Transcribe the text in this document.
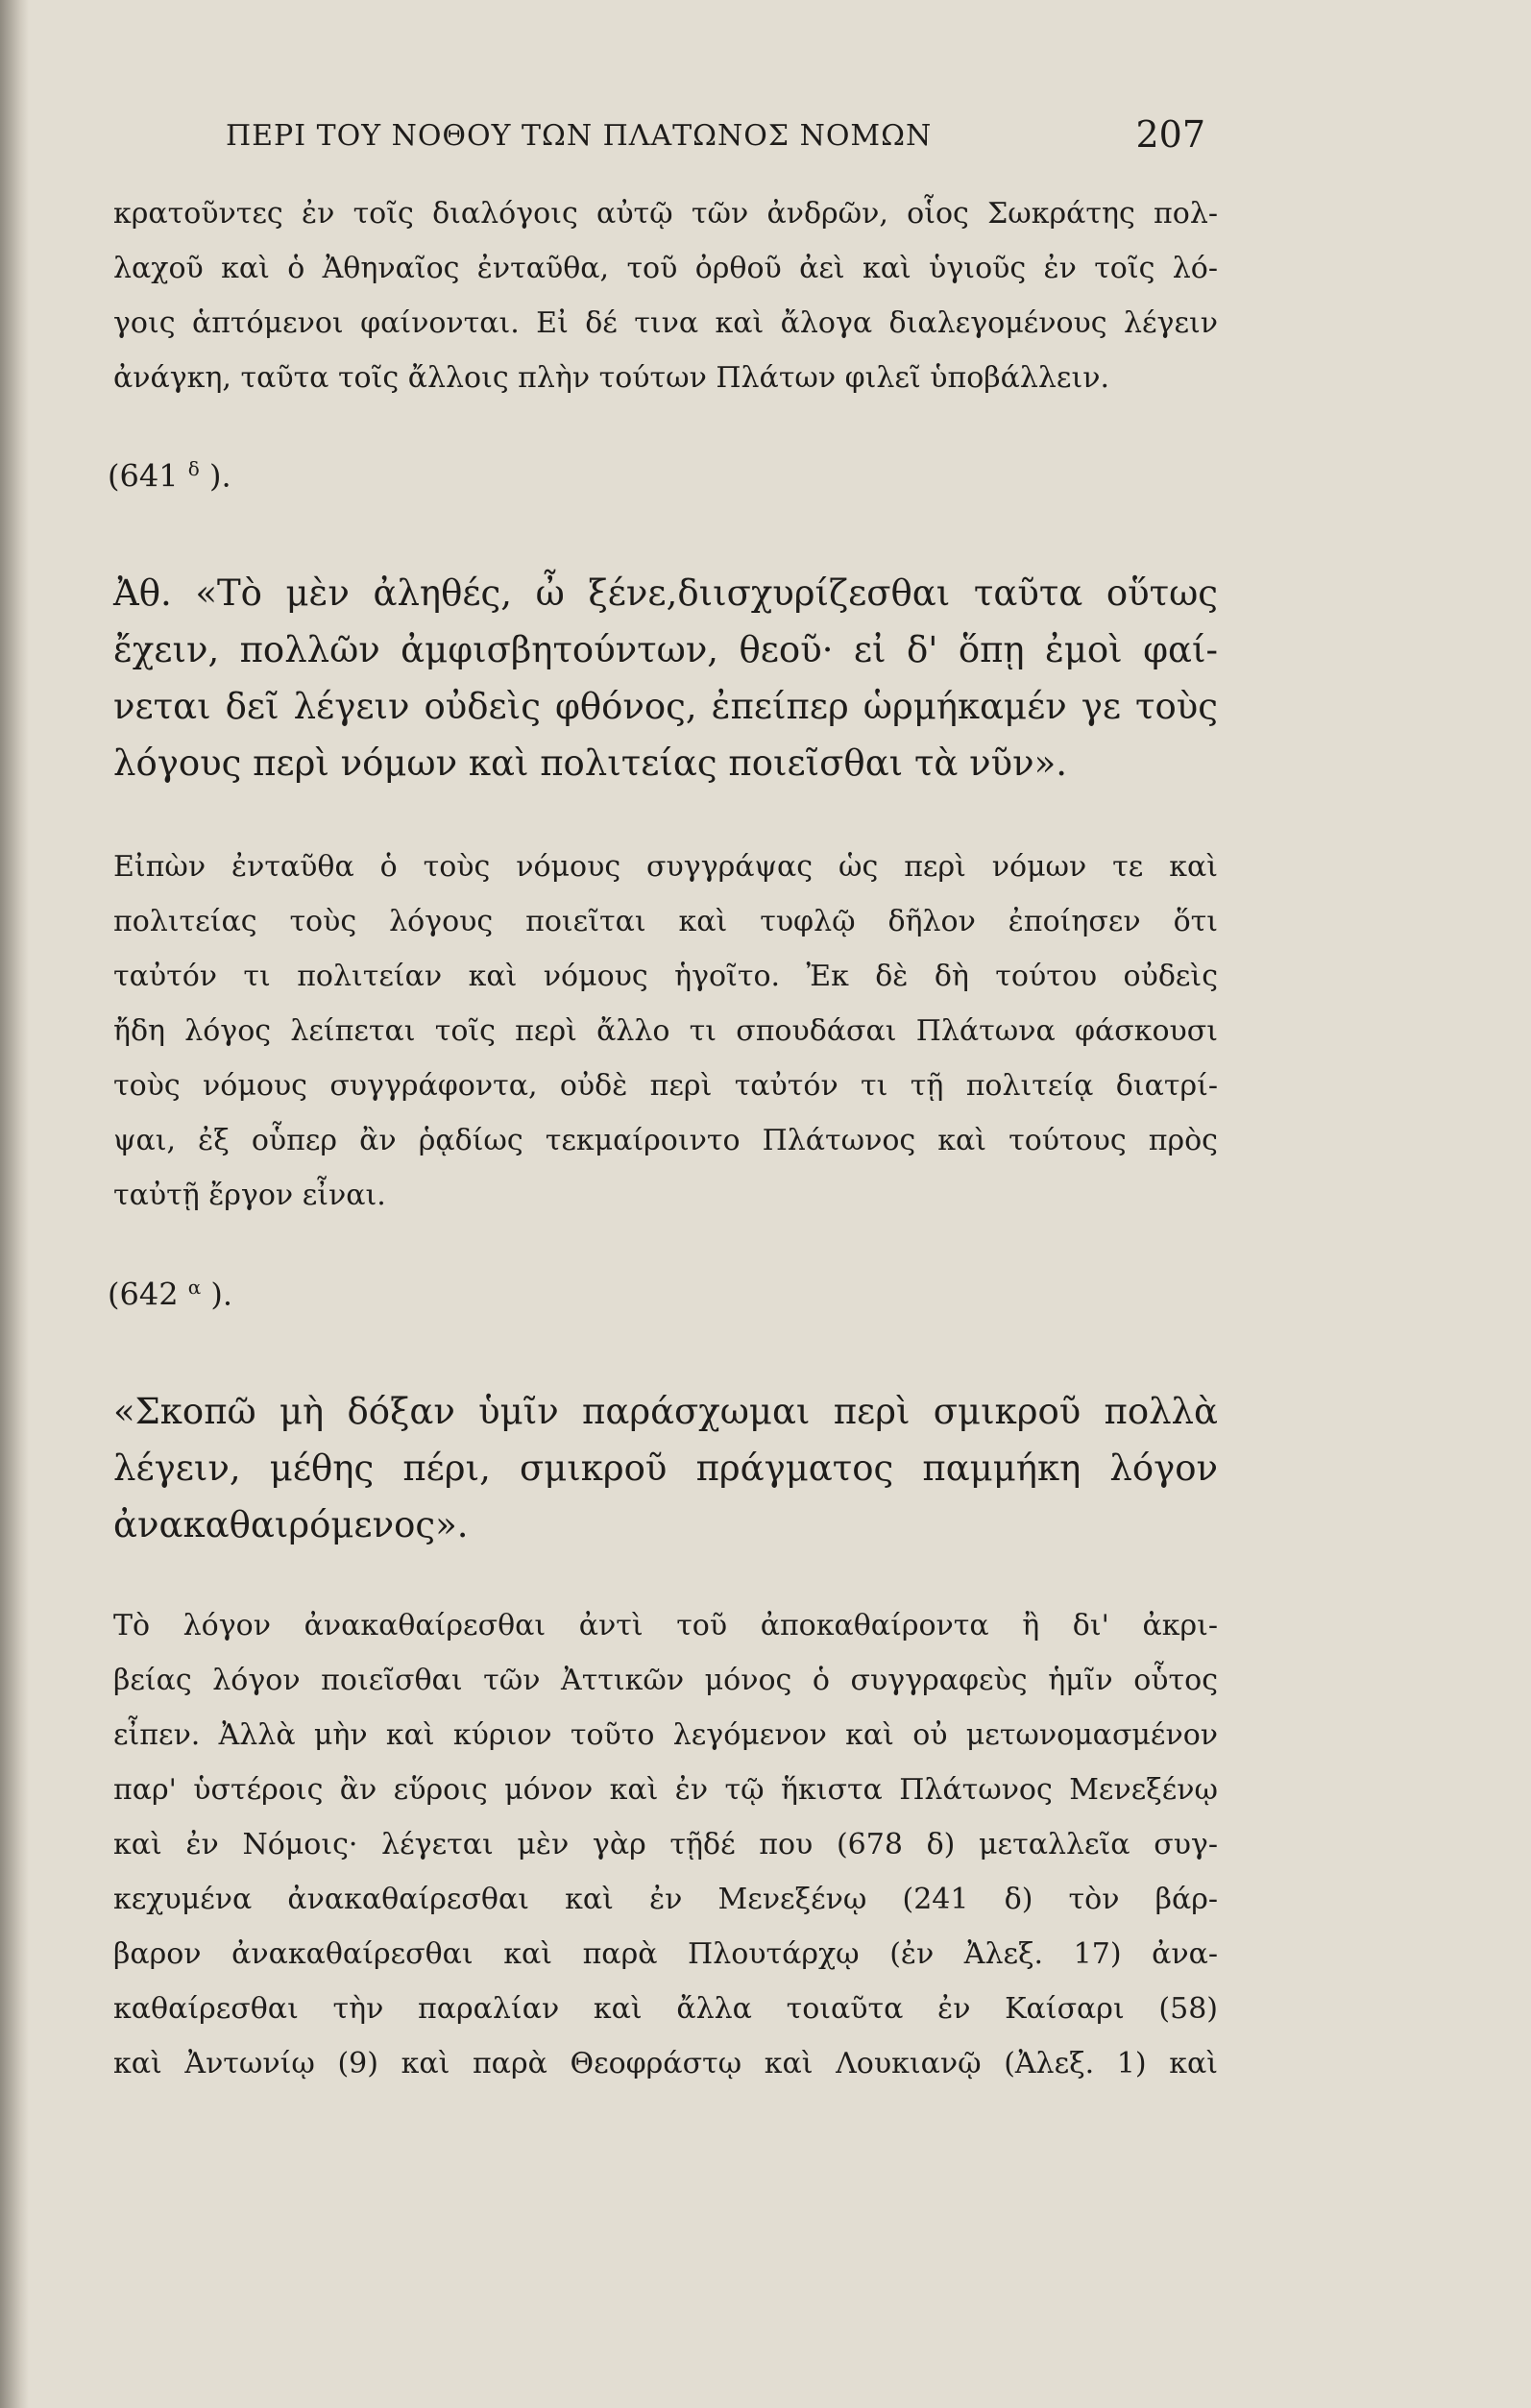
ΠΕΡΙ ΤΟΥ ΝΟΘΟΥ ΤΩΝ ΠΛΑΤΩΝΟΣ ΝΟΜΩΝ	207
κρατοῦντες ἐν τοῖς διαλόγοις αὐτῷ τῶν ἀνδρῶν, οἷος Σωκράτης πολ-
λαχοῦ καὶ ὁ Ἀθηναῖος ἐνταῦθα, τοῦ ὀρθοῦ ἀεὶ καὶ ὑγιοῦς ἐν τοῖς λό-
γοις ἁπτόμενοι φαίνονται. Εἰ δέ τινα καὶ ἄλογα διαλεγομένους λέγειν
ἀνάγκη, ταῦτα τοῖς ἄλλοις πλὴν τούτων Πλάτων φιλεῖ ὑποβάλλειν.
(641 $^\delta$ ).
Ἀθ. «Τὸ μὲν ἀληθές, ὦ ξένε,διισχυρίζεσθαι ταῦτα οὕτως
ἔχειν, πολλῶν ἀμφισβητούντων, θεοῦ· εἰ δ' ὅπῃ ἐμοὶ φαί-
νεται δεῖ λέγειν οὐδεὶς φθόνος, ἐπείπερ ὡρμήκαμέν γε τοὺς
λόγους περὶ νόμων καὶ πολιτείας ποιεῖσθαι τὰ νῦν».
Εἰπὼν ἐνταῦθα ὁ τοὺς νόμους συγγράψας ὡς περὶ νόμων τε καὶ
πολιτείας τοὺς λόγους ποιεῖται καὶ τυφλῷ δῆλον ἐποίησεν ὅτι
ταὐτόν τι πολιτείαν καὶ νόμους ἡγοῖτο. Ἐκ δὲ δὴ τούτου οὐδεὶς
ἤδη λόγος λείπεται τοῖς περὶ ἄλλο τι σπουδάσαι Πλάτωνα φάσκουσι
τοὺς νόμους συγγράφοντα, οὐδὲ περὶ ταὐτόν τι τῇ πολιτείᾳ διατρί-
ψαι, ἐξ οὗπερ ἂν ῥᾳδίως τεκμαίροιντο Πλάτωνος καὶ τούτους πρὸς
ταὐτῇ ἔργον εἶναι.
(642 $^\alpha$ ).
«Σκοπῶ μὴ δόξαν ὑμῖν παράσχωμαι περὶ σμικροῦ πολλὰ
λέγειν, μέθης πέρι, σμικροῦ πράγματος παμμήκη λόγον
ἀνακαθαιρόμενος».
Τὸ λόγον ἀνακαθαίρεσθαι ἀντὶ τοῦ ἀποκαθαίροντα ἢ δι' ἀκρι-
βείας λόγον ποιεῖσθαι τῶν Ἀττικῶν μόνος ὁ συγγραφεὺς ἡμῖν οὗτος
εἶπεν. Ἀλλὰ μὴν καὶ κύριον τοῦτο λεγόμενον καὶ οὐ μετωνομασμένον
παρ' ὑστέροις ἂν εὕροις μόνον καὶ ἐν τῷ ἥκιστα Πλάτωνος Μενεξένῳ
καὶ ἐν Νόμοις· λέγεται μὲν γὰρ τῇδέ που (678 δ) μεταλλεῖα συγ-
κεχυμένα ἀνακαθαίρεσθαι καὶ ἐν Μενεξένῳ (241 δ) τὸν βάρ-
βαρον ἀνακαθαίρεσθαι καὶ παρὰ Πλουτάρχῳ (ἐν Ἀλεξ. 17) ἀνα-
καθαίρεσθαι τὴν παραλίαν καὶ ἄλλα τοιαῦτα ἐν Καίσαρι (58)
καὶ Ἀντωνίῳ (9) καὶ παρὰ Θεοφράστῳ καὶ Λουκιανῷ (Ἀλεξ. 1) καὶ
